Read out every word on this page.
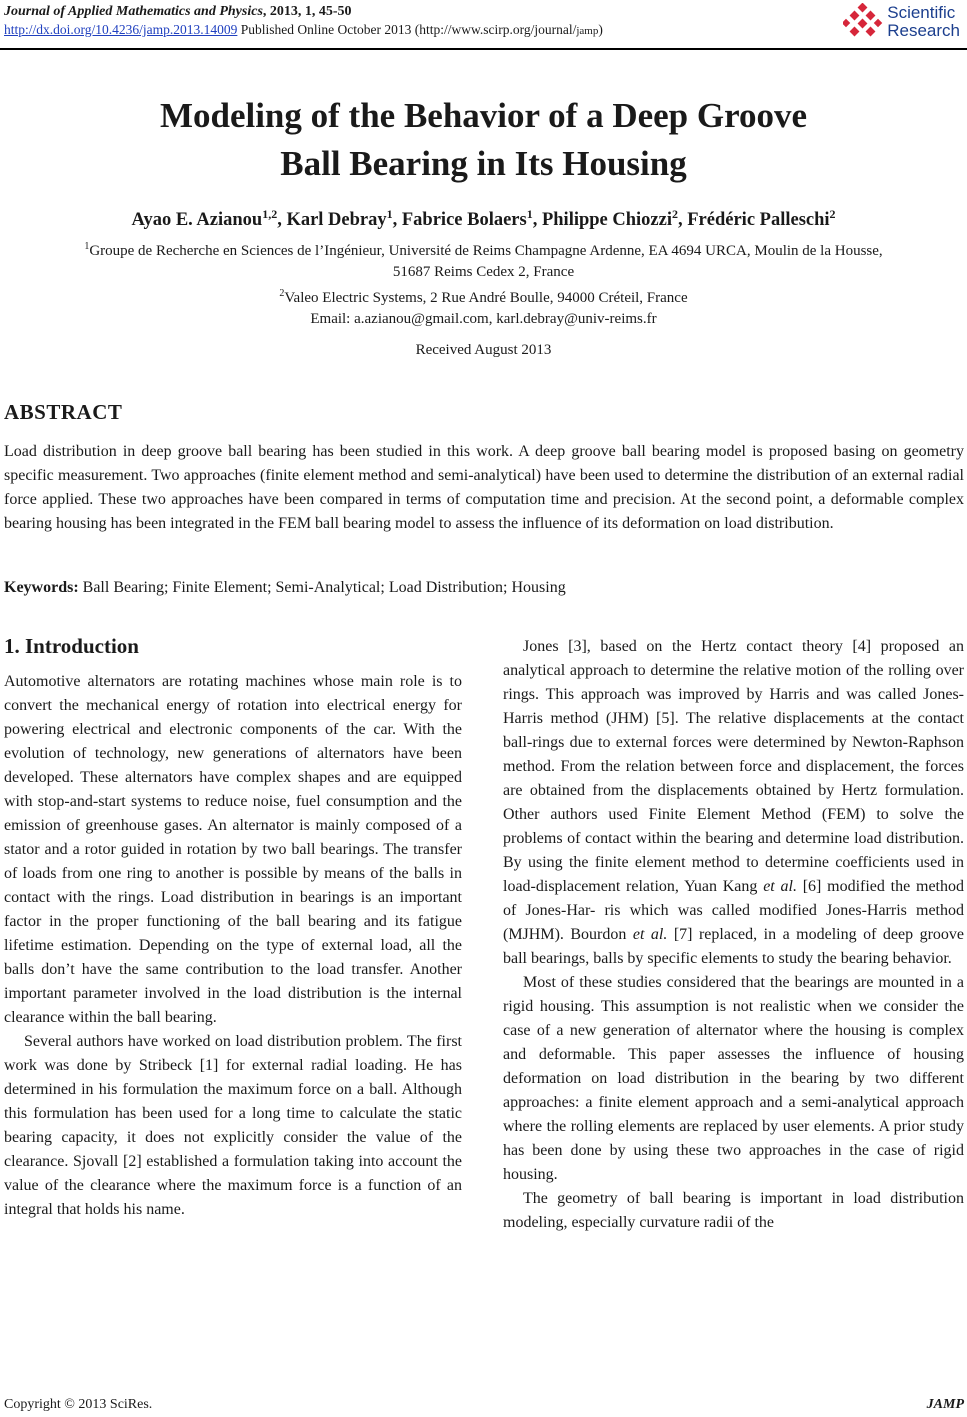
Journal of Applied Mathematics and Physics, 2013, 1, 45-50
http://dx.doi.org/10.4236/jamp.2013.14009 Published Online October 2013 (http://www.scirp.org/journal/jamp)
Scientific
Research
Modeling of the Behavior of a Deep Groove
Ball Bearing in Its Housing
Ayao E. Azianou$^{1,2}$, Karl Debray$^1$, Fabrice Bolaers$^1$, Philippe Chiozzi$^2$, Frédéric Palleschi$^2$
$^1$Groupe de Recherche en Sciences de l’Ingénieur, Université de Reims Champagne Ardenne, EA 4694 URCA, Moulin de la Housse,
51687 Reims Cedex 2, France
$^2$Valeo Electric Systems, 2 Rue André Boulle, 94000 Créteil, France
Email: a.azianou@gmail.com, karl.debray@univ-reims.fr
Received August 2013
ABSTRACT
Load distribution in deep groove ball bearing has been studied in this work. A deep groove ball bearing model is proposed basing on geometry specific measurement. Two approaches (finite element method and semi-analytical) have been used to determine the distribution of an external radial force applied. These two approaches have been compared in terms of computation time and precision. At the second point, a deformable complex bearing housing has been integrated in the FEM ball bearing model to assess the influence of its deformation on load distribution.
Keywords: Ball Bearing; Finite Element; Semi-Analytical; Load Distribution; Housing
1. Introduction

Automotive alternators are rotating machines whose main role is to convert the mechanical energy of rotation into electrical energy for powering electrical and electronic components of the car. With the evolution of technology, new generations of alternators have been developed. These alternators have complex shapes and are equipped with stop-and-start systems to reduce noise, fuel consumption and the emission of greenhouse gases. An alternator is mainly composed of a stator and a rotor guided in rotation by two ball bearings. The transfer of loads from one ring to another is possible by means of the balls in contact with the rings. Load distribution in bearings is an important factor in the proper functioning of the ball bearing and its fatigue lifetime estimation. Depending on the type of external load, all the balls don’t have the same contribution to the load transfer. Another important parameter involved in the load distribution is the internal clearance within the ball bearing.

Several authors have worked on load distribution problem. The first work was done by Stribeck [1] for external radial loading. He has determined in his formulation the maximum force on a ball. Although this formulation has been used for a long time to calculate the static bearing capacity, it does not explicitly consider the value of the clearance. Sjovall [2] established a formulation taking into account the value of the clearance where the maximum force is a function of an integral that holds his name.

Jones [3], based on the Hertz contact theory [4] proposed an analytical approach to determine the relative motion of the rolling over rings. This approach was improved by Harris and was called Jones-Harris method (JHM) [5]. The relative displacements at the contact ball-rings due to external forces were determined by Newton-Raphson method. From the relation between force and displacement, the forces are obtained from the displacements obtained by Hertz formulation. Other authors used Finite Element Method (FEM) to solve the problems of contact within the bearing and determine load distribution. By using the finite element method to determine coefficients used in load-displacement relation, Yuan Kang et al. [6] modified the method of Jones-Har- ris which was called modified Jones-Harris method (MJHM). Bourdon et al. [7] replaced, in a modeling of deep groove ball bearings, balls by specific elements to study the bearing behavior.

Most of these studies considered that the bearings are mounted in a rigid housing. This assumption is not realistic when we consider the case of a new generation of alternator where the housing is complex and deformable. This paper assesses the influence of housing deformation on load distribution in the bearing by two different approaches: a finite element approach and a semi-analytical approach where the rolling elements are replaced by user elements. A prior study has been done by using these two approaches in the case of rigid housing.

The geometry of ball bearing is important in load distribution modeling, especially curvature radii of the

Copyright © 2013 SciRes.	JAMP
